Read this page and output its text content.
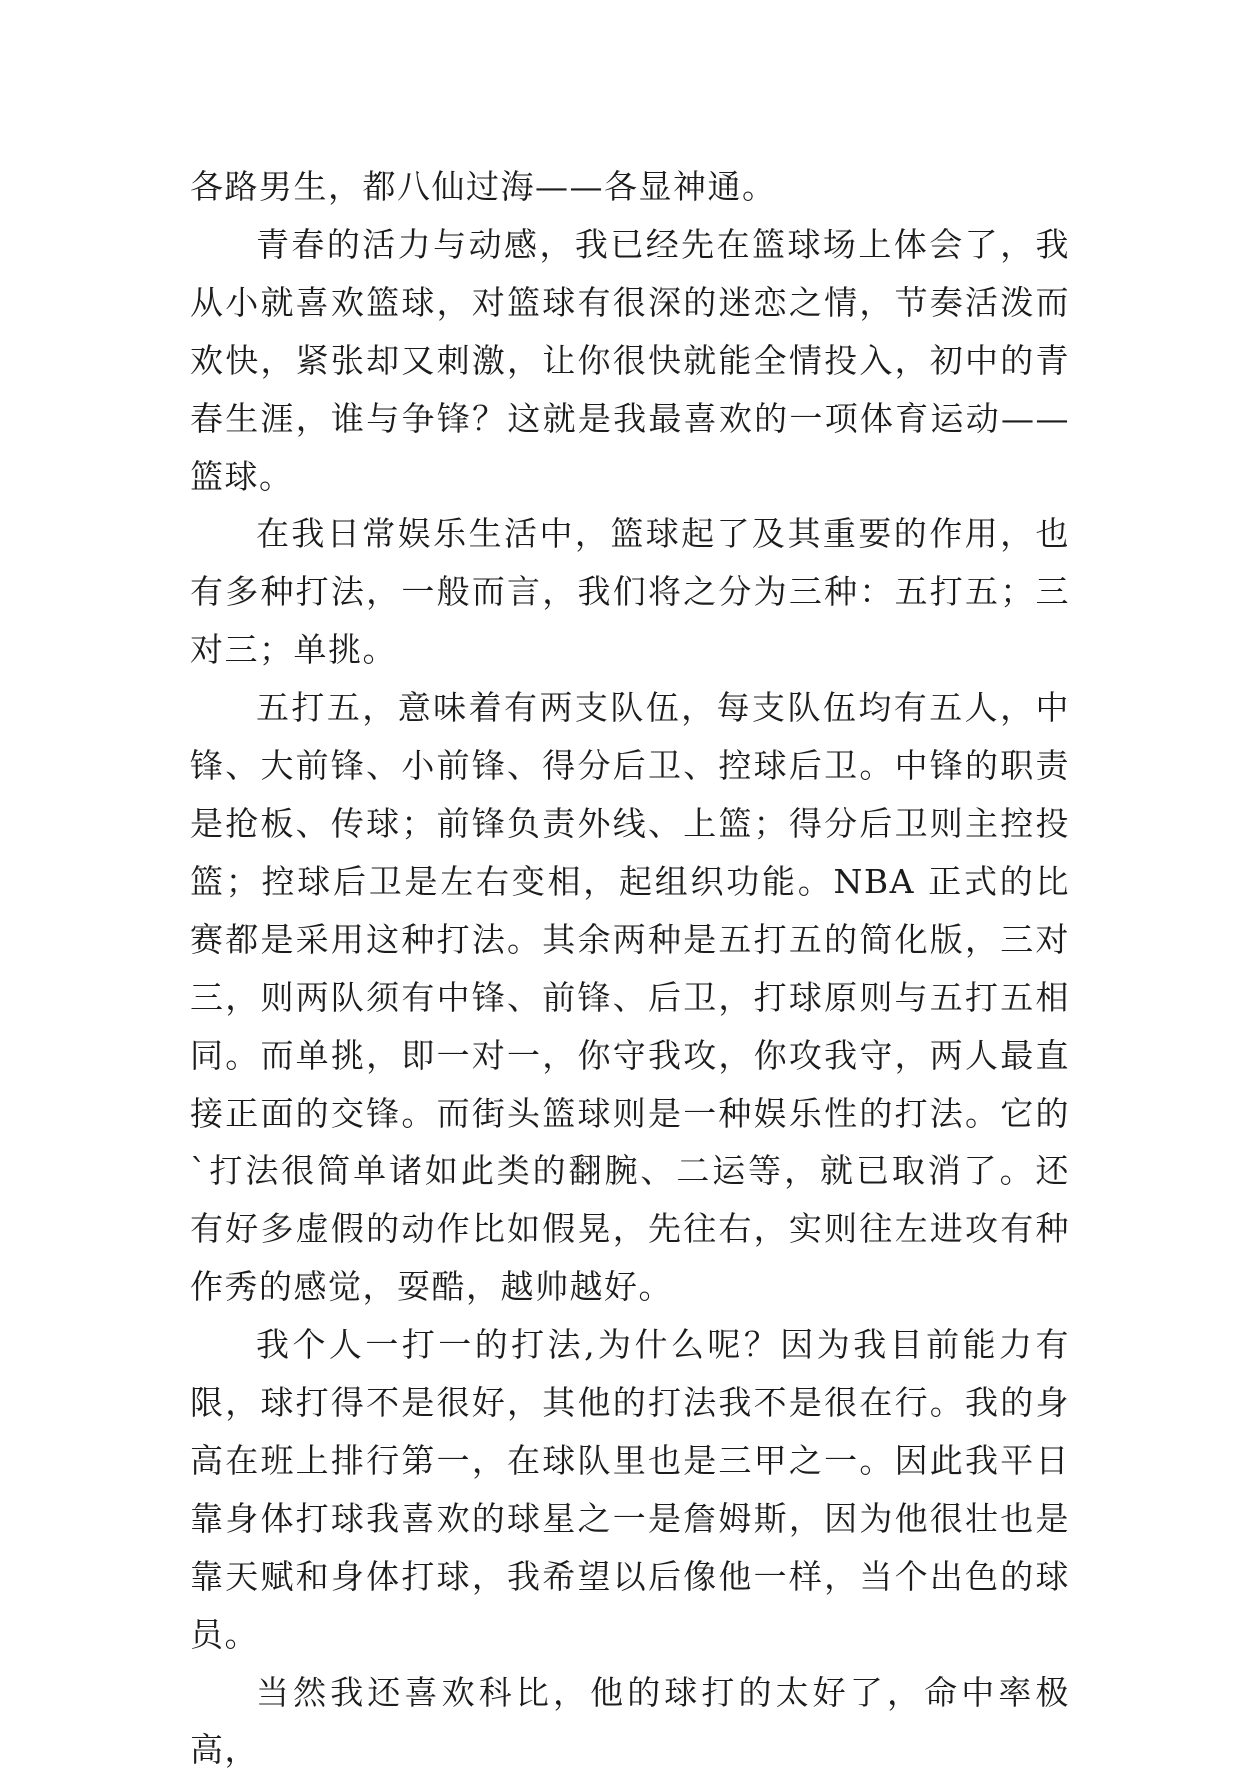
各路男生，都八仙过海——各显神通。

青春的活力与动感，我已经先在篮球场上体会了，我从小就喜欢篮球，对篮球有很深的迷恋之情，节奏活泼而欢快，紧张却又刺激，让你很快就能全情投入，初中的青春生涯，谁与争锋？这就是我最喜欢的一项体育运动——篮球。

在我日常娱乐生活中，篮球起了及其重要的作用，也有多种打法，一般而言，我们将之分为三种：五打五；三对三；单挑。

五打五，意味着有两支队伍，每支队伍均有五人，中锋、大前锋、小前锋、得分后卫、控球后卫。中锋的职责是抢板、传球；前锋负责外线、上篮；得分后卫则主控投篮；控球后卫是左右变相，起组织功能。NBA 正式的比赛都是采用这种打法。其余两种是五打五的简化版，三对三，则两队须有中锋、前锋、后卫，打球原则与五打五相同。而单挑，即一对一，你守我攻，你攻我守，两人最直接正面的交锋。而街头篮球则是一种娱乐性的打法。它的`打法很简单诸如此类的翻腕、二运等，就已取消了。还有好多虚假的动作比如假晃，先往右，实则往左进攻有种作秀的感觉，耍酷，越帅越好。

我个人一打一的打法,为什么呢？因为我目前能力有限，球打得不是很好，其他的打法我不是很在行。我的身高在班上排行第一，在球队里也是三甲之一。因此我平日靠身体打球我喜欢的球星之一是詹姆斯，因为他很壮也是靠天赋和身体打球，我希望以后像他一样，当个出色的球员。

当然我还喜欢科比，他的球打的太好了，命中率极高，
